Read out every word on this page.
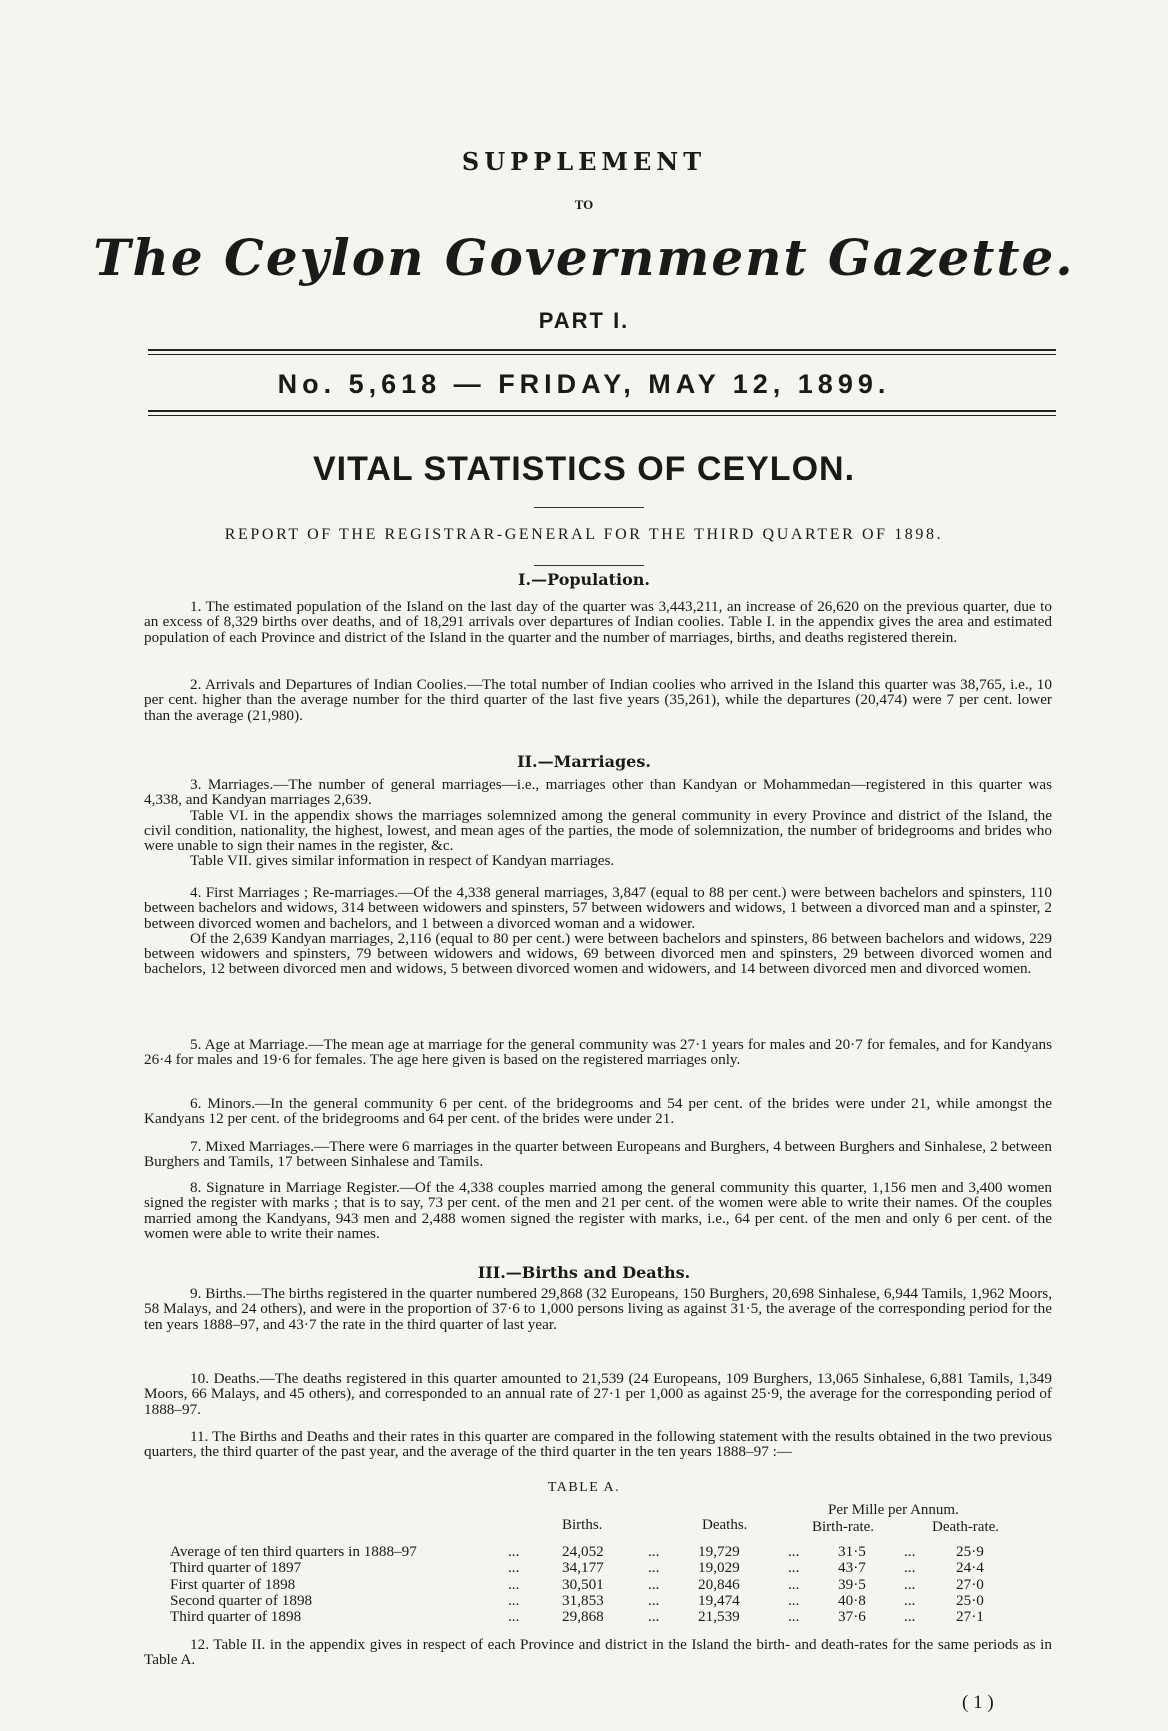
SUPPLEMENT
TO
The Ceylon Government Gazette.
PART I.
No. 5,618 — FRIDAY, MAY 12, 1899.
VITAL STATISTICS OF CEYLON.
REPORT OF THE REGISTRAR-GENERAL FOR THE THIRD QUARTER OF 1898.
I.—Population.

1. The estimated population of the Island on the last day of the quarter was 3,443,211, an increase of 26,620 on the previous quarter, due to an excess of 8,329 births over deaths, and of 18,291 arrivals over departures of Indian coolies. Table I. in the appendix gives the area and estimated population of each Province and district of the Island in the quarter and the number of marriages, births, and deaths registered therein.

2. Arrivals and Departures of Indian Coolies.—The total number of Indian coolies who arrived in the Island this quarter was 38,765, i.e., 10 per cent. higher than the average number for the third quarter of the last five years (35,261), while the departures (20,474) were 7 per cent. lower than the average (21,980).

II.—Marriages.

3. Marriages.—The number of general marriages—i.e., marriages other than Kandyan or Mohammedan—registered in this quarter was 4,338, and Kandyan marriages 2,639.

Table VI. in the appendix shows the marriages solemnized among the general community in every Province and district of the Island, the civil condition, nationality, the highest, lowest, and mean ages of the parties, the mode of solemnization, the number of bridegrooms and brides who were unable to sign their names in the register, &c.

Table VII. gives similar information in respect of Kandyan marriages.

4. First Marriages ; Re-marriages.—Of the 4,338 general marriages, 3,847 (equal to 88 per cent.) were between bachelors and spinsters, 110 between bachelors and widows, 314 between widowers and spinsters, 57 between widowers and widows, 1 between a divorced man and a spinster, 2 between divorced women and bachelors, and 1 between a divorced woman and a widower.

Of the 2,639 Kandyan marriages, 2,116 (equal to 80 per cent.) were between bachelors and spinsters, 86 between bachelors and widows, 229 between widowers and spinsters, 79 between widowers and widows, 69 between divorced men and spinsters, 29 between divorced women and bachelors, 12 between divorced men and widows, 5 between divorced women and widowers, and 14 between divorced men and divorced women.

5. Age at Marriage.—The mean age at marriage for the general community was 27·1 years for males and 20·7 for females, and for Kandyans 26·4 for males and 19·6 for females. The age here given is based on the registered marriages only.

6. Minors.—In the general community 6 per cent. of the bridegrooms and 54 per cent. of the brides were under 21, while amongst the Kandyans 12 per cent. of the bridegrooms and 64 per cent. of the brides were under 21.

7. Mixed Marriages.—There were 6 marriages in the quarter between Europeans and Burghers, 4 between Burghers and Sinhalese, 2 between Burghers and Tamils, 17 between Sinhalese and Tamils.

8. Signature in Marriage Register.—Of the 4,338 couples married among the general community this quarter, 1,156 men and 3,400 women signed the register with marks ; that is to say, 73 per cent. of the men and 21 per cent. of the women were able to write their names. Of the couples married among the Kandyans, 943 men and 2,488 women signed the register with marks, i.e., 64 per cent. of the men and only 6 per cent. of the women were able to write their names.

III.—Births and Deaths.

9. Births.—The births registered in the quarter numbered 29,868 (32 Europeans, 150 Burghers, 20,698 Sinhalese, 6,944 Tamils, 1,962 Moors, 58 Malays, and 24 others), and were in the proportion of 37·6 to 1,000 persons living as against 31·5, the average of the corresponding period for the ten years 1888–97, and 43·7 the rate in the third quarter of last year.

10. Deaths.—The deaths registered in this quarter amounted to 21,539 (24 Europeans, 109 Burghers, 13,065 Sinhalese, 6,881 Tamils, 1,349 Moors, 66 Malays, and 45 others), and corresponded to an annual rate of 27·1 per 1,000 as against 25·9, the average for the corresponding period of 1888–97.

11. The Births and Deaths and their rates in this quarter are compared in the following statement with the results obtained in the two previous quarters, the third quarter of the past year, and the average of the third quarter in the ten years 1888–97 :—

TABLE A.
Per Mille per Annum.
Births.	Deaths.	Birth-rate.	Death-rate.
Average of ten third quarters in 1888–97	...	24,052	...	19,729	...	31·5	...	25·9
Third quarter of 1897	...	34,177	...	19,029	...	43·7	...	24·4
First quarter of 1898	...	30,501	...	20,846	...	39·5	...	27·0
Second quarter of 1898	...	31,853	...	19,474	...	40·8	...	25·0
Third quarter of 1898	...	29,868	...	21,539	...	37·6	...	27·1

12. Table II. in the appendix gives in respect of each Province and district in the Island the birth- and death-rates for the same periods as in Table A.

( 1 )
